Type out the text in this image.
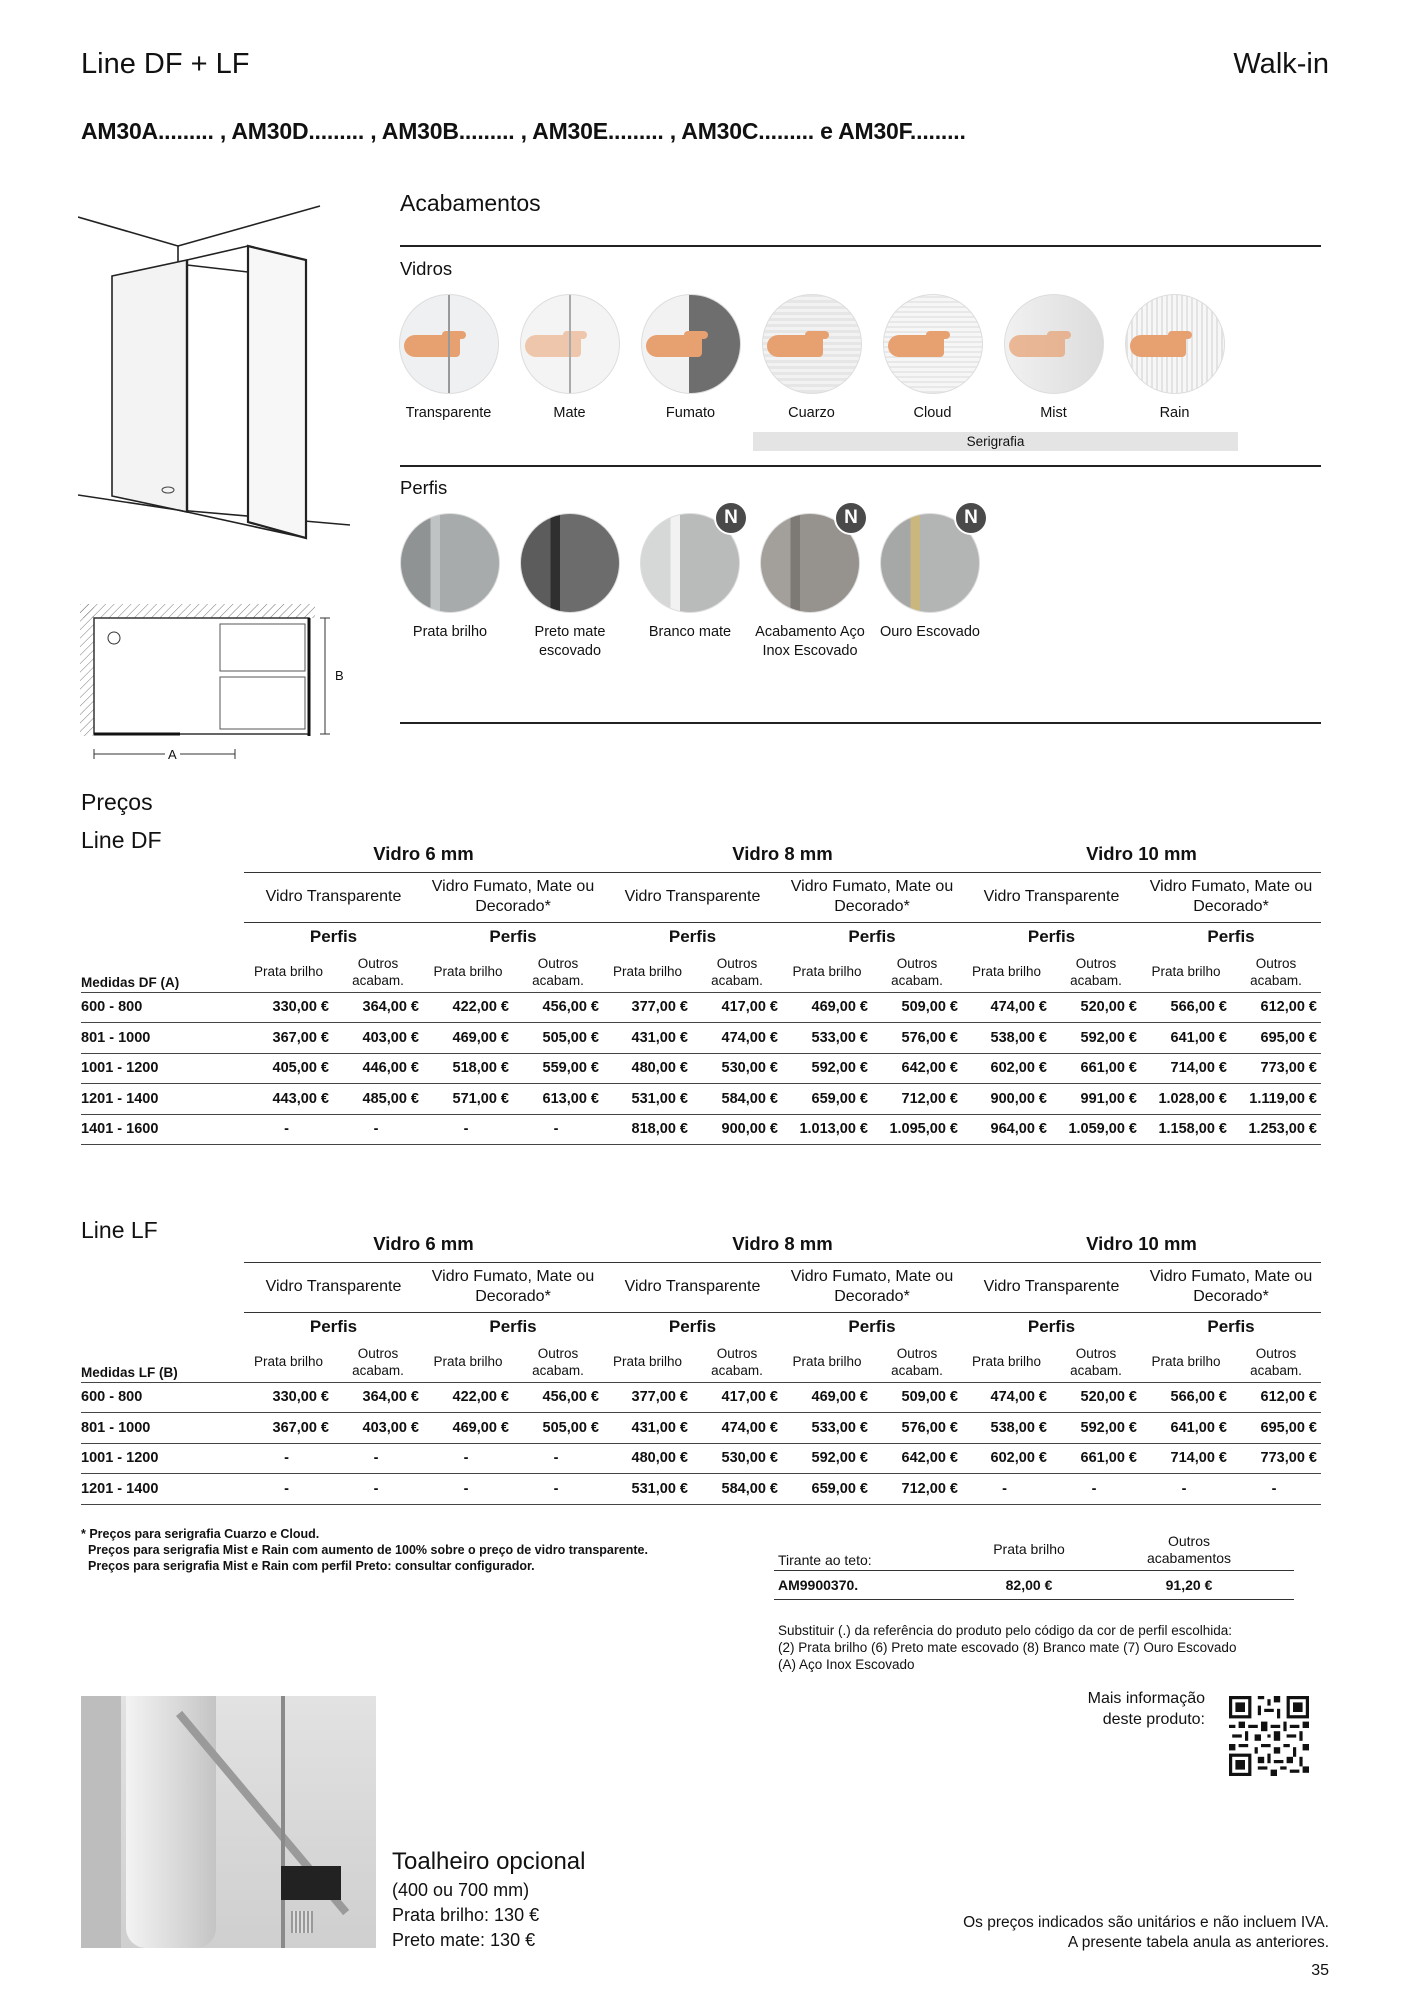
Line DF + LF	Walk-in
AM30A......... , AM30D......... , AM30B......... , AM30E......... , AM30C......... e AM30F.........
B
A
Acabamentos
Vidros
Transparente	Mate	Fumato	Cuarzo	Cloud	Mist	Rain
Serigrafia
Perfis
Prata brilho	Preto mate escovado
N
Branco mate
N
Acabamento Aço Inox Escovado
N
Ouro Escovado
Preços
Line DF
	Vidro 6 mm				Vidro 8 mm				Vidro 10 mm			
	Vidro Transparente		Vidro Fumato, Mate ou Decorado*		Vidro Transparente		Vidro Fumato, Mate ou Decorado*		Vidro Transparente		Vidro Fumato, Mate ou Decorado*	
	Perfis		Perfis		Perfis		Perfis		Perfis		Perfis	
Medidas DF (A)	Prata brilho	Outros acabam.	Prata brilho	Outros acabam.	Prata brilho	Outros acabam.	Prata brilho	Outros acabam.	Prata brilho	Outros acabam.	Prata brilho	Outros acabam.
600 - 800	330,00 €	364,00 €	422,00 €	456,00 €	377,00 €	417,00 €	469,00 €	509,00 €	474,00 €	520,00 €	566,00 €	612,00 €
801 - 1000	367,00 €	403,00 €	469,00 €	505,00 €	431,00 €	474,00 €	533,00 €	576,00 €	538,00 €	592,00 €	641,00 €	695,00 €
1001 - 1200	405,00 €	446,00 €	518,00 €	559,00 €	480,00 €	530,00 €	592,00 €	642,00 €	602,00 €	661,00 €	714,00 €	773,00 €
1201 - 1400	443,00 €	485,00 €	571,00 €	613,00 €	531,00 €	584,00 €	659,00 €	712,00 €	900,00 €	991,00 €	1.028,00 €	1.119,00 €
1401 - 1600	-	-	-	-	818,00 €	900,00 €	1.013,00 €	1.095,00 €	964,00 €	1.059,00 €	1.158,00 €	1.253,00 €
Line LF
	Vidro 6 mm				Vidro 8 mm				Vidro 10 mm			
	Vidro Transparente		Vidro Fumato, Mate ou Decorado*		Vidro Transparente		Vidro Fumato, Mate ou Decorado*		Vidro Transparente		Vidro Fumato, Mate ou Decorado*	
	Perfis		Perfis		Perfis		Perfis		Perfis		Perfis	
Medidas LF (B)	Prata brilho	Outros acabam.	Prata brilho	Outros acabam.	Prata brilho	Outros acabam.	Prata brilho	Outros acabam.	Prata brilho	Outros acabam.	Prata brilho	Outros acabam.
600 - 800	330,00 €	364,00 €	422,00 €	456,00 €	377,00 €	417,00 €	469,00 €	509,00 €	474,00 €	520,00 €	566,00 €	612,00 €
801 - 1000	367,00 €	403,00 €	469,00 €	505,00 €	431,00 €	474,00 €	533,00 €	576,00 €	538,00 €	592,00 €	641,00 €	695,00 €
1001 - 1200	-	-	-	-	480,00 €	530,00 €	592,00 €	642,00 €	602,00 €	661,00 €	714,00 €	773,00 €
1201 - 1400	-	-	-	-	531,00 €	584,00 €	659,00 €	712,00 €	-	-	-	-
* Preços para serigrafia Cuarzo e Cloud.
Preços para serigrafia Mist e Rain com aumento de 100% sobre o preço de vidro transparente.
Preços para serigrafia Mist e Rain com perfil Preto: consultar configurador.	Tirante ao teto:	Prata brilho	Outros acabamentos
AM9900370.	82,00 €	91,20 €
Substituir (.) da referência do produto pelo código da cor de perfil escolhida:
(2) Prata brilho (6) Preto mate escovado (8) Branco mate (7) Ouro Escovado
(A) Aço Inox Escovado
Mais informação
deste produto:
Toalheiro opcional
(400 ou 700 mm)
Prata brilho: 130 €
Preto mate: 130 €
Os preços indicados são unitários e não incluem IVA.
A presente tabela anula as anteriores.
35
